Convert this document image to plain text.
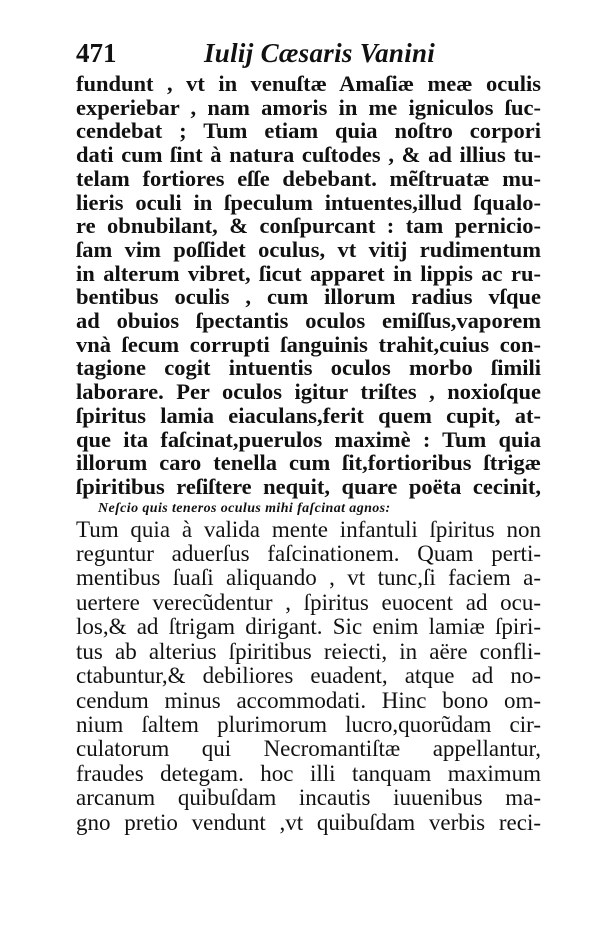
471	Iulij Cæsaris Vanini
fundunt , vt in venuſtæ Amaſiæ meæ oculis
experiebar , nam amoris in me igniculos ſuc-
cendebat ; Tum etiam quia noſtro corpori
dati cum ſint à natura cuſtodes , & ad illius tu-
telam fortiores eſſe debebant. mẽſtruatæ mu-
lieris oculi in ſpeculum intuentes,illud ſqualo-
re obnubilant, & conſpurcant : tam pernicio-
ſam vim poſſidet oculus, vt vitij rudimentum
in alterum vibret, ſicut apparet in lippis ac ru-
bentibus oculis , cum illorum radius vſque
ad obuios ſpectantis oculos emiſſus,vaporem
vnà ſecum corrupti ſanguinis trahit,cuius con-
tagione cogit intuentis oculos morbo ſimili
laborare. Per oculos igitur triſtes , noxioſque
ſpiritus lamia eiaculans,ferit quem cupit, at-
que ita faſcinat,puerulos maximè : Tum quia
illorum caro tenella cum ſit,fortioribus ſtrigæ
ſpiritibus reſiſtere nequit, quare poëta cecinit,
Neſcio quis teneros oculus mihi faſcinat agnos:
Tum quia à valida mente infantuli ſpiritus non
reguntur aduerſus faſcinationem. Quam perti-
mentibus ſuaſi aliquando , vt tunc,ſi faciem a-
uertere verecũdentur , ſpiritus euocent ad ocu-
los,& ad ſtrigam dirigant. Sic enim lamiæ ſpiri-
tus ab alterius ſpiritibus reiecti, in aëre confli-
ctabuntur,& debiliores euadent, atque ad no-
cendum minus accommodati. Hinc bono om-
nium ſaltem plurimorum lucro,quorũdam cir-
culatorum qui Necromantiſtæ appellantur,
fraudes detegam. hoc illi tanquam maximum
arcanum quibuſdam incautis iuuenibus ma-
gno pretio vendunt ,vt quibuſdam verbis reci-
